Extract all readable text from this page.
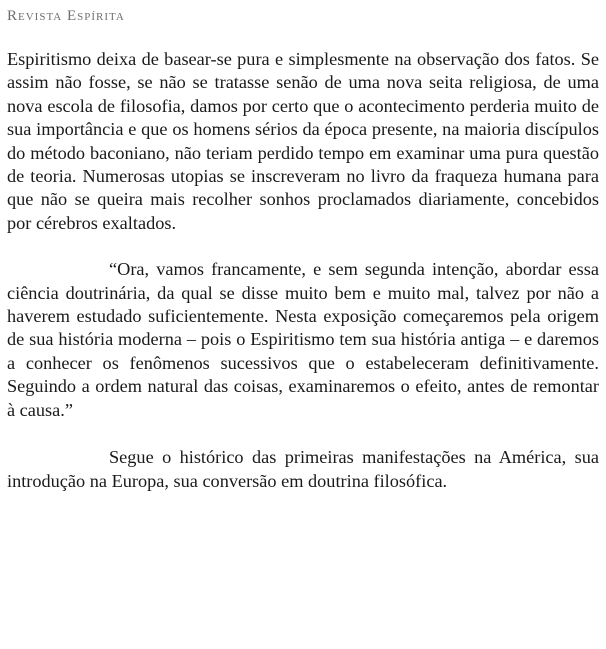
Revista Espírita

Espiritismo deixa de basear-se pura e simplesmente na observação dos fatos. Se assim não fosse, se não se tratasse senão de uma nova seita religiosa, de uma nova escola de filosofia, damos por certo que o acontecimento perderia muito de sua importância e que os homens sérios da época presente, na maioria discípulos do método baconiano, não teriam perdido tempo em examinar uma pura questão de teoria. Numerosas utopias se inscreveram no livro da fraqueza humana para que não se queira mais recolher sonhos proclamados diariamente, concebidos por cérebros exaltados.

“Ora, vamos francamente, e sem segunda intenção, abordar essa ciência doutrinária, da qual se disse muito bem e muito mal, talvez por não a haverem estudado suficientemente. Nesta exposição começaremos pela origem de sua história moderna – pois o Espiritismo tem sua história antiga – e daremos a conhecer os fenômenos sucessivos que o estabeleceram definitivamente. Seguindo a ordem natural das coisas, examinaremos o efeito, antes de remontar à causa.”

Segue o histórico das primeiras manifestações na América, sua introdução na Europa, sua conversão em doutrina filosófica.
